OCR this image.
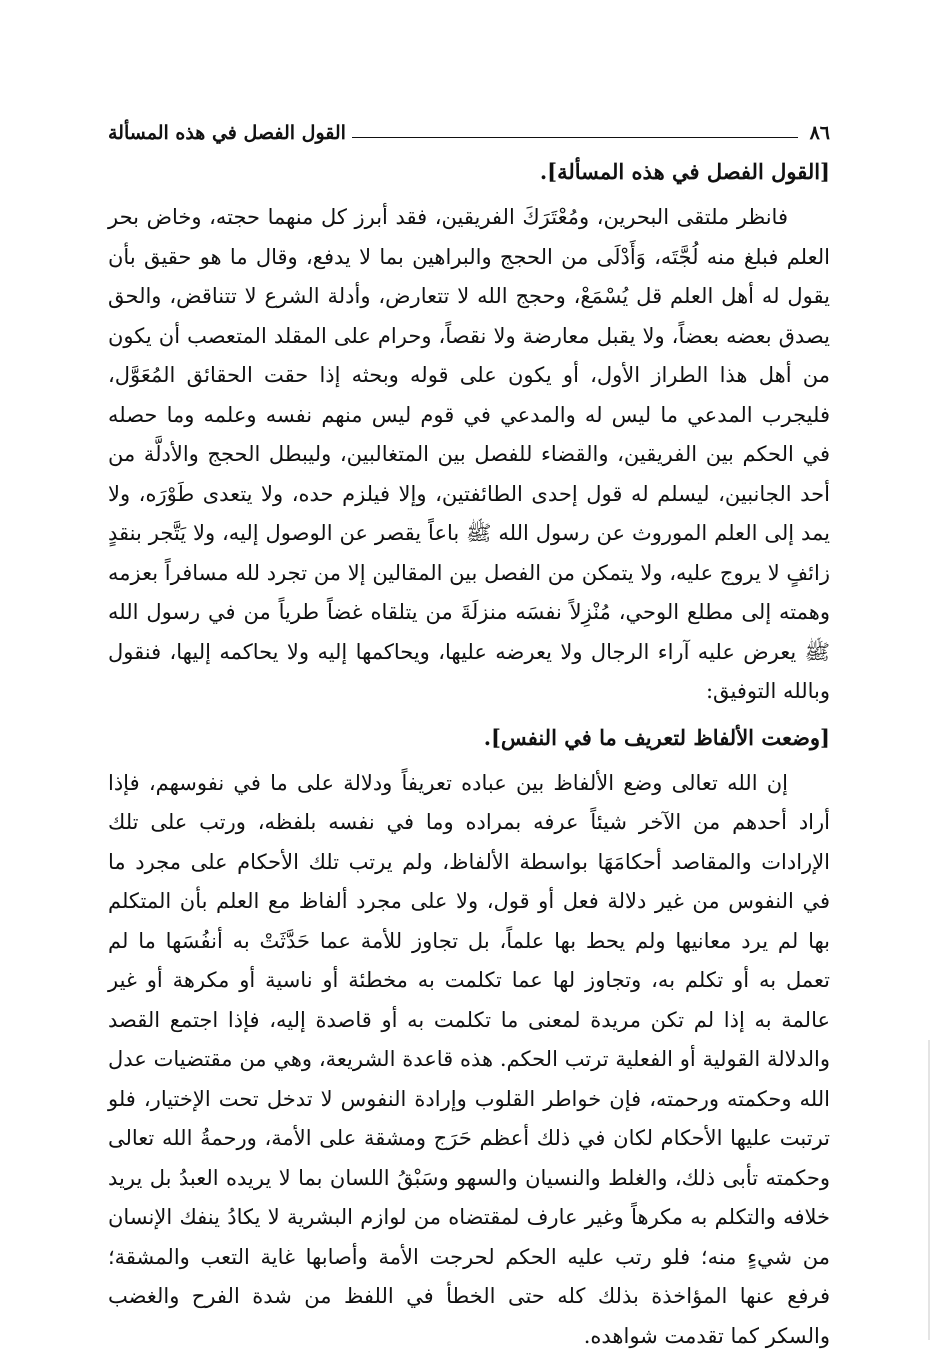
٨٦
القول الفصل في هذه المسألة

[القول الفصل في هذه المسألة].

فانظر ملتقى البحرين، ومُعْتَرَكَ الفريقين، فقد أبرز كل منهما حجته، وخاض بحر العلم فبلغ منه لُجَّتَه، وَأَدْلَى من الحجج والبراهين بما لا يدفع، وقال ما هو حقيق بأن يقول له أهل العلم قل يُسْمَعْ، وحجج الله لا تتعارض، وأدلة الشرع لا تتناقض، والحق يصدق بعضه بعضاً، ولا يقبل معارضة ولا نقصاً، وحرام على المقلد المتعصب أن يكون من أهل هذا الطراز الأول، أو يكون على قوله وبحثه إذا حقت الحقائق المُعَوَّل، فليجرب المدعي ما ليس له والمدعي في قوم ليس منهم نفسه وعلمه وما حصله في الحكم بين الفريقين، والقضاء للفصل بين المتغالبين، وليبطل الحجج والأدلَّة من أحد الجانبين، ليسلم له قول إحدى الطائفتين، وإلا فيلزم حده، ولا يتعدى طَوْرَه، ولا يمد إلى العلم الموروث عن رسول الله ﷺ باعاً يقصر عن الوصول إليه، ولا يَتَّجر بنقدٍ زائفٍ لا يروج عليه، ولا يتمكن من الفصل بين المقالين إلا من تجرد لله مسافراً بعزمه وهمته إلى مطلع الوحي، مُنْزِلاً نفسَه منزلَةَ من يتلقاه غضاً طرياً من في رسول الله ﷺ يعرض عليه آراء الرجال ولا يعرضه عليها، ويحاكمها إليه ولا يحاكمه إليها، فنقول وبالله التوفيق:

[وضعت الألفاظ لتعريف ما في النفس].

إن الله تعالى وضع الألفاظ بين عباده تعريفاً ودلالة على ما في نفوسهم، فإذا أراد أحدهم من الآخر شيئاً عرفه بمراده وما في نفسه بلفظه، ورتب على تلك الإرادات والمقاصد أحكامَهَا بواسطة الألفاظ، ولم يرتب تلك الأحكام على مجرد ما في النفوس من غير دلالة فعل أو قول، ولا على مجرد ألفاظ مع العلم بأن المتكلم بها لم يرد معانيها ولم يحط بها علماً، بل تجاوز للأمة عما حَدَّثَتْ به أنفُسَها ما لم تعمل به أو تكلم به، وتجاوز لها عما تكلمت به مخطئة أو ناسية أو مكرهة أو غير عالمة به إذا لم تكن مريدة لمعنى ما تكلمت به أو قاصدة إليه، فإذا اجتمع القصد والدلالة القولية أو الفعلية ترتب الحكم. هذه قاعدة الشريعة، وهي من مقتضيات عدل الله وحكمته ورحمته، فإن خواطر القلوب وإرادة النفوس لا تدخل تحت الإختيار، فلو ترتبت عليها الأحكام لكان في ذلك أعظم حَرَج ومشقة على الأمة، ورحمةُ الله تعالى وحكمته تأبى ذلك، والغلط والنسيان والسهو وسَبْقُ اللسان بما لا يريده العبدُ بل يريد خلافه والتكلم به مكرهاً وغير عارف لمقتضاه من لوازم البشرية لا يكادُ ينفك الإنسان من شيءٍ منه؛ فلو رتب عليه الحكم لحرجت الأمة وأصابها غاية التعب والمشقة؛ فرفع عنها المؤاخذة بذلك كله حتى الخطأ في اللفظ من شدة الفرح والغضب والسكر كما تقدمت شواهده.
